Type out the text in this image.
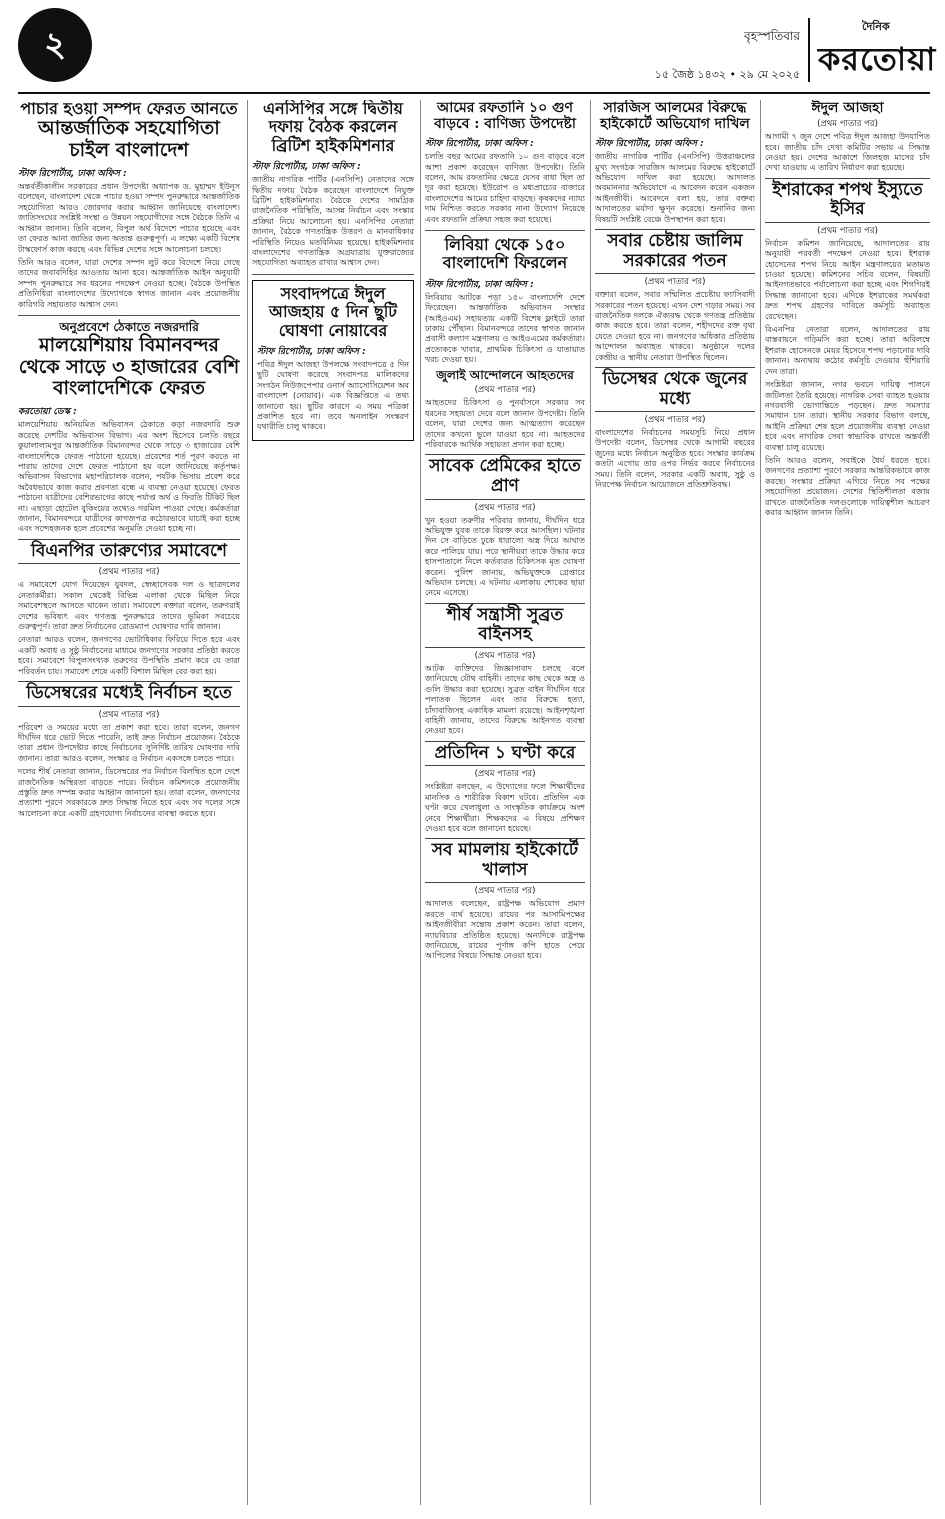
২	বৃহস্পতিবার
১৫ জৈষ্ঠ ১৪৩২ • ২৯ মে ২০২৫
দৈনিক
করতোয়া
পাচার হওয়া সম্পদ ফেরত আনতে
আন্তর্জাতিক সহযোগিতা চাইল বাংলাদেশ
স্টাফ রিপোর্টার, ঢাকা অফিস :

অন্তর্বর্তীকালীন সরকারের প্রধান উপদেষ্টা অধ্যাপক ড. মুহাম্মদ ইউনূস বলেছেন, বাংলাদেশ থেকে পাচার হওয়া সম্পদ পুনরুদ্ধারে আন্তর্জাতিক সহযোগিতা আরও জোরদার করার আহ্বান জানিয়েছে বাংলাদেশ। জাতিসংঘের সংশ্লিষ্ট সংস্থা ও উন্নয়ন সহযোগীদের সঙ্গে বৈঠকে তিনি এ আহ্বান জানান। তিনি বলেন, বিপুল অর্থ বিদেশে পাচার হয়েছে এবং তা ফেরত আনা জাতির জন্য অত্যন্ত গুরুত্বপূর্ণ। এ লক্ষ্যে একটি বিশেষ টাস্কফোর্স কাজ করছে এবং বিভিন্ন দেশের সঙ্গে আলোচনা চলছে।

তিনি আরও বলেন, যারা দেশের সম্পদ লুট করে বিদেশে নিয়ে গেছে তাদের জবাবদিহির আওতায় আনা হবে। আন্তর্জাতিক আইন অনুযায়ী সম্পদ পুনরুদ্ধারে সব ধরনের পদক্ষেপ নেওয়া হচ্ছে। বৈঠকে উপস্থিত প্রতিনিধিরা বাংলাদেশের উদ্যোগকে স্বাগত জানান এবং প্রয়োজনীয় কারিগরি সহায়তার আশ্বাস দেন।

অনুপ্রবেশে ঠেকাতে নজরদারি
মালয়েশিয়ায় বিমানবন্দর থেকে সাড়ে ৩ হাজারের বেশি বাংলাদেশিকে ফেরত
করতোয়া ডেস্ক :

মালয়েশিয়ায় অনিয়মিত অভিবাসন ঠেকাতে কড়া নজরদারি শুরু করেছে দেশটির অভিবাসন বিভাগ। এর অংশ হিসেবে চলতি বছরে কুয়ালালামপুর আন্তর্জাতিক বিমানবন্দর থেকে সাড়ে ৩ হাজারের বেশি বাংলাদেশিকে ফেরত পাঠানো হয়েছে। প্রবেশের শর্ত পূরণ করতে না পারায় তাদের দেশে ফেরত পাঠানো হয় বলে জানিয়েছে কর্তৃপক্ষ। অভিবাসন বিভাগের মহাপরিচালক বলেন, পর্যটক ভিসায় প্রবেশ করে অবৈধভাবে কাজ করার প্রবণতা বন্ধে এ ব্যবস্থা নেওয়া হয়েছে। ফেরত পাঠানো যাত্রীদের বেশিরভাগের কাছে পর্যাপ্ত অর্থ ও ফিরতি টিকিট ছিল না। এছাড়া হোটেল বুকিংয়ের তথ্যেও গরমিল পাওয়া গেছে। কর্মকর্তারা জানান, বিমানবন্দরে যাত্রীদের কাগজপত্র কঠোরভাবে যাচাই করা হচ্ছে এবং সন্দেহজনক হলে প্রবেশের অনুমতি দেওয়া হচ্ছে না।

বিএনপির তারুণ্যের সমাবেশে
(প্রথম পাতার পর)

এ সমাবেশে যোগ দিয়েছেন যুবদল, স্বেচ্ছাসেবক দল ও ছাত্রদলের নেতাকর্মীরা। সকাল থেকেই বিভিন্ন এলাকা থেকে মিছিল নিয়ে সমাবেশস্থলে আসতে থাকেন তারা। সমাবেশে বক্তারা বলেন, তরুণরাই দেশের ভবিষ্যৎ এবং গণতন্ত্র পুনরুদ্ধারে তাদের ভূমিকা সবচেয়ে গুরুত্বপূর্ণ। তারা দ্রুত নির্বাচনের রোডম্যাপ ঘোষণার দাবি জানান।

নেতারা আরও বলেন, জনগণের ভোটাধিকার ফিরিয়ে দিতে হবে এবং একটি অবাধ ও সুষ্ঠু নির্বাচনের মাধ্যমে জনগণের সরকার প্রতিষ্ঠা করতে হবে। সমাবেশে বিপুলসংখ্যক তরুণের উপস্থিতি প্রমাণ করে যে তারা পরিবর্তন চায়। সমাবেশ শেষে একটি বিশাল মিছিল বের করা হয়।

ডিসেম্বরের মধ্যেই নির্বাচন হতে
(প্রথম পাতার পর)

পরিবেশ ও সময়ের মধ্যে তা প্রকাশ করা হবে। তারা বলেন, জনগণ দীর্ঘদিন ধরে ভোট দিতে পারেনি, তাই দ্রুত নির্বাচন প্রয়োজন। বৈঠকে তারা প্রধান উপদেষ্টার কাছে নির্বাচনের সুনির্দিষ্ট তারিখ ঘোষণার দাবি জানান। তারা আরও বলেন, সংস্কার ও নির্বাচন একসঙ্গে চলতে পারে।

দলের শীর্ষ নেতারা জানান, ডিসেম্বরের পর নির্বাচন বিলম্বিত হলে দেশে রাজনৈতিক অস্থিরতা বাড়তে পারে। নির্বাচন কমিশনকে প্রয়োজনীয় প্রস্তুতি দ্রুত সম্পন্ন করার আহ্বান জানানো হয়। তারা বলেন, জনগণের প্রত্যাশা পূরণে সরকারকে দ্রুত সিদ্ধান্ত নিতে হবে এবং সব দলের সঙ্গে আলোচনা করে একটি গ্রহণযোগ্য নির্বাচনের ব্যবস্থা করতে হবে।

এনসিপির সঙ্গে দ্বিতীয় দফায় বৈঠক করলেন ব্রিটিশ হাইকমিশনার
স্টাফ রিপোর্টার, ঢাকা অফিস :

জাতীয় নাগরিক পার্টির (এনসিপি) নেতাদের সঙ্গে দ্বিতীয় দফায় বৈঠক করেছেন বাংলাদেশে নিযুক্ত ব্রিটিশ হাইকমিশনার। বৈঠকে দেশের সামগ্রিক রাজনৈতিক পরিস্থিতি, আসন্ন নির্বাচন এবং সংস্কার প্রক্রিয়া নিয়ে আলোচনা হয়। এনসিপির নেতারা জানান, বৈঠকে গণতান্ত্রিক উত্তরণ ও মানবাধিকার পরিস্থিতি নিয়েও মতবিনিময় হয়েছে। হাইকমিশনার বাংলাদেশের গণতান্ত্রিক অগ্রযাত্রায় যুক্তরাজ্যের সহযোগিতা অব্যাহত রাখার আশ্বাস দেন।

সংবাদপত্রে ঈদুল আজহায় ৫ দিন ছুটি ঘোষণা নোয়াবের
স্টাফ রিপোর্টার, ঢাকা অফিস :

পবিত্র ঈদুল আজহা উপলক্ষে সংবাদপত্রে ৫ দিন ছুটি ঘোষণা করেছে সংবাদপত্র মালিকদের সংগঠন নিউজপেপার ওনার্স অ্যাসোসিয়েশন অব বাংলাদেশ (নোয়াব)। এক বিজ্ঞপ্তিতে এ তথ্য জানানো হয়। ছুটির কারণে এ সময় পত্রিকা প্রকাশিত হবে না। তবে অনলাইন সংস্করণ যথারীতি চালু থাকবে।

আমের রফতানি ১০ গুণ বাড়বে : বাণিজ্য উপদেষ্টা
স্টাফ রিপোর্টার, ঢাকা অফিস :

চলতি বছর আমের রফতানি ১০ গুণ বাড়বে বলে আশা প্রকাশ করেছেন বাণিজ্য উপদেষ্টা। তিনি বলেন, আম রফতানির ক্ষেত্রে যেসব বাধা ছিল তা দূর করা হয়েছে। ইউরোপ ও মধ্যপ্রাচ্যের বাজারে বাংলাদেশের আমের চাহিদা বাড়ছে। কৃষকদের ন্যায্য দাম নিশ্চিত করতে সরকার নানা উদ্যোগ নিয়েছে এবং রফতানি প্রক্রিয়া সহজ করা হয়েছে।

লিবিয়া থেকে ১৫০ বাংলাদেশি ফিরলেন
স্টাফ রিপোর্টার, ঢাকা অফিস :

লিবিয়ায় আটকে পড়া ১৫০ বাংলাদেশি দেশে ফিরেছেন। আন্তর্জাতিক অভিবাসন সংস্থার (আইওএম) সহায়তায় একটি বিশেষ ফ্লাইটে তারা ঢাকায় পৌঁছান। বিমানবন্দরে তাদের স্বাগত জানান প্রবাসী কল্যাণ মন্ত্রণালয় ও আইওএমের কর্মকর্তারা। প্রত্যেককে খাবার, প্রাথমিক চিকিৎসা ও যাতায়াত খরচ দেওয়া হয়।

জুলাই আন্দোলনে আহতদের
(প্রথম পাতার পর)

আহতদের চিকিৎসা ও পুনর্বাসনে সরকার সব ধরনের সহায়তা দেবে বলে জানান উপদেষ্টা। তিনি বলেন, যারা দেশের জন্য আত্মত্যাগ করেছেন তাদের কখনো ভুলে যাওয়া হবে না। আহতদের পরিবারকে আর্থিক সহায়তা প্রদান করা হচ্ছে।

সাবেক প্রেমিকের হাতে প্রাণ
(প্রথম পাতার পর)

খুন হওয়া তরুণীর পরিবার জানায়, দীর্ঘদিন ধরে অভিযুক্ত যুবক তাকে বিরক্ত করে আসছিল। ঘটনার দিন সে বাড়িতে ঢুকে ধারালো অস্ত্র দিয়ে আঘাত করে পালিয়ে যায়। পরে স্থানীয়রা তাকে উদ্ধার করে হাসপাতালে নিলে কর্তব্যরত চিকিৎসক মৃত ঘোষণা করেন। পুলিশ জানায়, অভিযুক্তকে গ্রেপ্তারে অভিযান চলছে। এ ঘটনায় এলাকায় শোকের ছায়া নেমে এসেছে।

শীর্ষ সন্ত্রাসী সুব্রত বাইনসহ
(প্রথম পাতার পর)

আটক ব্যক্তিদের জিজ্ঞাসাবাদ চলছে বলে জানিয়েছে যৌথ বাহিনী। তাদের কাছ থেকে অস্ত্র ও গুলি উদ্ধার করা হয়েছে। সুব্রত বাইন দীর্ঘদিন ধরে পলাতক ছিলেন এবং তার বিরুদ্ধে হত্যা, চাঁদাবাজিসহ একাধিক মামলা রয়েছে। আইনশৃঙ্খলা বাহিনী জানায়, তাদের বিরুদ্ধে আইনগত ব্যবস্থা নেওয়া হবে।

প্রতিদিন ১ ঘণ্টা করে
(প্রথম পাতার পর)

সংশ্লিষ্টরা বলছেন, এ উদ্যোগের ফলে শিক্ষার্থীদের মানসিক ও শারীরিক বিকাশ ঘটবে। প্রতিদিন এক ঘণ্টা করে খেলাধুলা ও সাংস্কৃতিক কার্যক্রমে অংশ নেবে শিক্ষার্থীরা। শিক্ষকদের এ বিষয়ে প্রশিক্ষণ দেওয়া হবে বলে জানানো হয়েছে।

সব মামলায় হাইকোর্টে খালাস
(প্রথম পাতার পর)

আদালত বলেছেন, রাষ্ট্রপক্ষ অভিযোগ প্রমাণ করতে ব্যর্থ হয়েছে। রায়ের পর আসামিপক্ষের আইনজীবীরা সন্তোষ প্রকাশ করেন। তারা বলেন, ন্যায়বিচার প্রতিষ্ঠিত হয়েছে। অন্যদিকে রাষ্ট্রপক্ষ জানিয়েছে, রায়ের পূর্ণাঙ্গ কপি হাতে পেয়ে আপিলের বিষয়ে সিদ্ধান্ত নেওয়া হবে।

সারজিস আলমের বিরুদ্ধে হাইকোর্টে অভিযোগ দাখিল
স্টাফ রিপোর্টার, ঢাকা অফিস :

জাতীয় নাগরিক পার্টির (এনসিপি) উত্তরাঞ্চলের মুখ্য সংগঠক সারজিস আলমের বিরুদ্ধে হাইকোর্টে অভিযোগ দাখিল করা হয়েছে। আদালত অবমাননার অভিযোগে এ আবেদন করেন একজন আইনজীবী। আবেদনে বলা হয়, তার বক্তব্য আদালতের মর্যাদা ক্ষুণ্ন করেছে। শুনানির জন্য বিষয়টি সংশ্লিষ্ট বেঞ্চে উপস্থাপন করা হবে।

সবার চেষ্টায় জালিম সরকারের পতন
(প্রথম পাতার পর)

বক্তারা বলেন, সবার সম্মিলিত প্রচেষ্টায় ফ্যাসিবাদী সরকারের পতন হয়েছে। এখন দেশ গড়ার সময়। সব রাজনৈতিক দলকে ঐক্যবদ্ধ থেকে গণতন্ত্র প্রতিষ্ঠায় কাজ করতে হবে। তারা বলেন, শহীদদের রক্ত বৃথা যেতে দেওয়া হবে না। জনগণের অধিকার প্রতিষ্ঠায় আন্দোলন অব্যাহত থাকবে। অনুষ্ঠানে দলের কেন্দ্রীয় ও স্থানীয় নেতারা উপস্থিত ছিলেন।

ডিসেম্বর থেকে জুনের মধ্যে
(প্রথম পাতার পর)

বাংলাদেশের নির্বাচনের সময়সূচি নিয়ে প্রধান উপদেষ্টা বলেন, ডিসেম্বর থেকে আগামী বছরের জুনের মধ্যে নির্বাচন অনুষ্ঠিত হবে। সংস্কার কার্যক্রম কতটা এগোয় তার ওপর নির্ভর করবে নির্বাচনের সময়। তিনি বলেন, সরকার একটি অবাধ, সুষ্ঠু ও নিরপেক্ষ নির্বাচন আয়োজনে প্রতিশ্রুতিবদ্ধ।

ঈদুল আজহা
(প্রথম পাতার পর)

আগামী ৭ জুন দেশে পবিত্র ঈদুল আজহা উদযাপিত হবে। জাতীয় চাঁদ দেখা কমিটির সভায় এ সিদ্ধান্ত নেওয়া হয়। দেশের আকাশে জিলহজ মাসের চাঁদ দেখা যাওয়ায় এ তারিখ নির্ধারণ করা হয়েছে।

ইশরাকের শপথ ইস্যুতে ইসির
(প্রথম পাতার পর)

নির্বাচন কমিশন জানিয়েছে, আদালতের রায় অনুযায়ী পরবর্তী পদক্ষেপ নেওয়া হবে। ইশরাক হোসেনের শপথ নিয়ে আইন মন্ত্রণালয়ের মতামত চাওয়া হয়েছে। কমিশনের সচিব বলেন, বিষয়টি আইনগতভাবে পর্যালোচনা করা হচ্ছে এবং শিগগিরই সিদ্ধান্ত জানানো হবে। এদিকে ইশরাকের সমর্থকরা দ্রুত শপথ গ্রহণের দাবিতে কর্মসূচি অব্যাহত রেখেছেন।

বিএনপির নেতারা বলেন, আদালতের রায় বাস্তবায়নে গড়িমসি করা হচ্ছে। তারা অবিলম্বে ইশরাক হোসেনকে মেয়র হিসেবে শপথ পড়ানোর দাবি জানান। অন্যথায় কঠোর কর্মসূচি দেওয়ার হুঁশিয়ারি দেন তারা।

সংশ্লিষ্টরা জানান, নগর ভবনে দায়িত্ব পালনে জটিলতা তৈরি হয়েছে। নাগরিক সেবা ব্যাহত হওয়ায় নগরবাসী ভোগান্তিতে পড়ছেন। দ্রুত সমস্যার সমাধান চান তারা। স্থানীয় সরকার বিভাগ বলছে, আইনি প্রক্রিয়া শেষ হলে প্রয়োজনীয় ব্যবস্থা নেওয়া হবে এবং নাগরিক সেবা স্বাভাবিক রাখতে অন্তর্বর্তী ব্যবস্থা চালু রয়েছে।

তিনি আরও বলেন, সবাইকে ধৈর্য ধরতে হবে। জনগণের প্রত্যাশা পূরণে সরকার আন্তরিকভাবে কাজ করছে। সংস্কার প্রক্রিয়া এগিয়ে নিতে সব পক্ষের সহযোগিতা প্রয়োজন। দেশের স্থিতিশীলতা বজায় রাখতে রাজনৈতিক দলগুলোকে দায়িত্বশীল আচরণ করার আহ্বান জানান তিনি।
